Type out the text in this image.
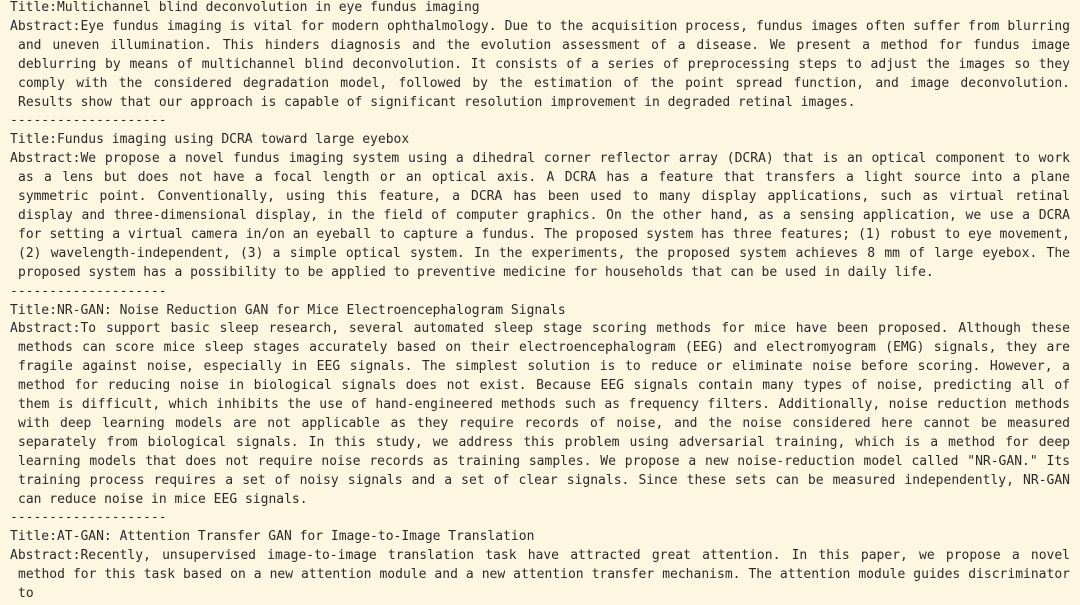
Title:Multichannel blind deconvolution in eye fundus imaging
Abstract:Eye fundus imaging is vital for modern ophthalmology. Due to the acquisition process, fundus images often suffer from blurring and uneven illumination. This hinders diagnosis and the evolution assessment of a disease. We present a method for fundus image deblurring by means of multichannel blind deconvolution. It consists of a series of preprocessing steps to adjust the images so they comply with the considered degradation model, followed by the estimation of the point spread function, and image deconvolution. Results show that our approach is capable of significant resolution improvement in degraded retinal images.
--------------------
Title:Fundus imaging using DCRA toward large eyebox
Abstract:We propose a novel fundus imaging system using a dihedral corner reflector array (DCRA) that is an optical component to work as a lens but does not have a focal length or an optical axis. A DCRA has a feature that transfers a light source into a plane symmetric point. Conventionally, using this feature, a DCRA has been used to many display applications, such as virtual retinal display and three-dimensional display, in the field of computer graphics. On the other hand, as a sensing application, we use a DCRA for setting a virtual camera in/on an eyeball to capture a fundus. The proposed system has three features; (1) robust to eye movement, (2) wavelength-independent, (3) a simple optical system. In the experiments, the proposed system achieves 8 mm of large eyebox. The proposed system has a possibility to be applied to preventive medicine for households that can be used in daily life.
--------------------
Title:NR-GAN: Noise Reduction GAN for Mice Electroencephalogram Signals
Abstract:To support basic sleep research, several automated sleep stage scoring methods for mice have been proposed. Although these methods can score mice sleep stages accurately based on their electroencephalogram (EEG) and electromyogram (EMG) signals, they are fragile against noise, especially in EEG signals. The simplest solution is to reduce or eliminate noise before scoring. However, a method for reducing noise in biological signals does not exist. Because EEG signals contain many types of noise, predicting all of them is difficult, which inhibits the use of hand-engineered methods such as frequency filters. Additionally, noise reduction methods with deep learning models are not applicable as they require records of noise, and the noise considered here cannot be measured separately from biological signals. In this study, we address this problem using adversarial training, which is a method for deep learning models that does not require noise records as training samples. We propose a new noise-reduction model called "NR-GAN." Its training process requires a set of noisy signals and a set of clear signals. Since these sets can be measured independently, NR-GAN can reduce noise in mice EEG signals.
--------------------
Title:AT-GAN: Attention Transfer GAN for Image-to-Image Translation
Abstract:Recently, unsupervised image-to-image translation task have attracted great attention. In this paper, we propose a novel method for this task based on a new attention module and a new attention transfer mechanism. The attention module guides discriminator to
